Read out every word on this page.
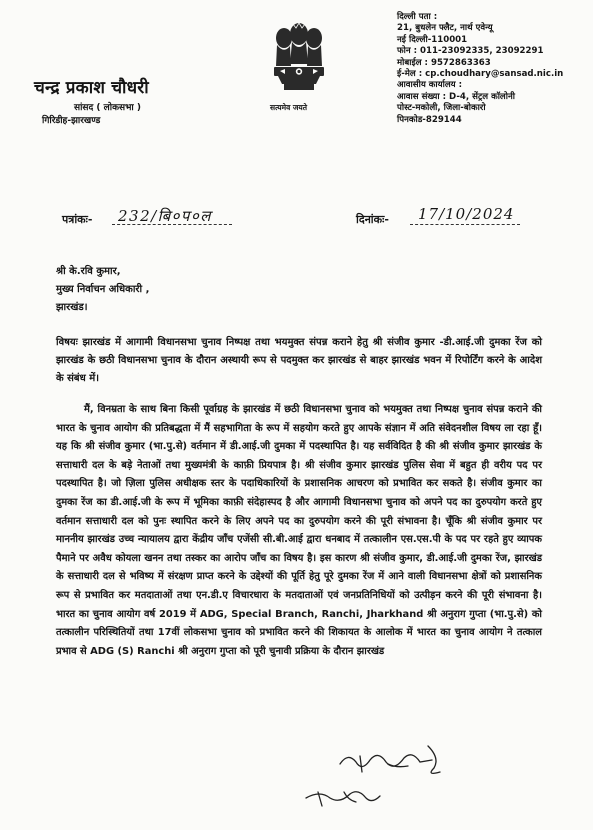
चन्द्र प्रकाश चौधरी
सांसद ( लोकसभा )
गिरिडीह-झारखण्ड
सत्यमेव जयते
दिल्ली पता :
21, बुधलेन फ्लैट, नार्थ एवेन्यू
नई दिल्ली-110001
फोन : 011-23092335, 23092291
मोबाईल : 9572863363
ई-मेल : cp.choudhary@sansad.nic.in
आवासीय कार्यालय :
आवास संख्या : D-4, सेंट्रल कॉलोनी
पोस्ट-मकोली, जिला-बोकारो
पिनकोड-829144
पत्रांकः- 232/बि०प०ल	दिनांकः- 17/10/2024
श्री के.रवि कुमार,
मुख्य निर्वाचन अधिकारी ,
झारखंड।
विषयः झारखंड में आगामी विधानसभा चुनाव निष्पक्ष तथा भयमुक्त संपन्न कराने हेतु श्री संजीव कुमार -डी.आई.जी दुमका रेंज को झारखंड के छठी विधानसभा चुनाव के दौरान अस्थायी रूप से पदमुक्त कर झारखंड से बाहर झारखंड भवन में रिपोर्टिंग करने के आदेश के संबंध में।

मैं, विनम्रता के साथ बिना किसी पूर्वाग्रह के झारखंड में छठी विधानसभा चुनाव को भयमुक्त तथा निष्पक्ष चुनाव संपन्न कराने की भारत के चुनाव आयोग की प्रतिबद्धता में मैं सहभागिता के रूप में सहयोग करते हुए आपके संज्ञान में अति संवेदनशील विषय ला रहा हूँ। यह कि श्री संजीव कुमार (भा.पु.से) वर्तमान में डी.आई.जी दुमका में पदस्थापित है। यह सर्वविदित है की श्री संजीव कुमार झारखंड के सत्ताधारी दल के बड़े नेताओं तथा मुख्यमंत्री के काफ़ी प्रियपात्र है। श्री संजीव कुमार झारखंड पुलिस सेवा में बहुत ही वरीय पद पर पदस्थापित है। जो ज़िला पुलिस अधीक्षक स्तर के पदाधिकारियों के प्रशासनिक आचरण को प्रभावित कर सकते है। संजीव कुमार का दुमका रेंज का डी.आई.जी के रूप में भूमिका काफ़ी संदेहास्पद है और आगामी विधानसभा चुनाव को अपने पद का दुरुपयोग करते हुए वर्तमान सत्ताधारी दल को पुनः स्थापित करने के लिए अपने पद का दुरुपयोग करने की पूरी संभावना है। चूँकि श्री संजीव कुमार पर माननीय झारखंड उच्च न्यायालय द्वारा केंद्रीय जाँच एजेंसी सी.बी.आई द्वारा धनबाद में तत्कालीन एस.एस.पी के पद पर रहते हुए व्यापक पैमाने पर अवैध कोयला खनन तथा तस्कर का आरोप जाँच का विषय है। इस कारण श्री संजीव कुमार, डी.आई.जी दुमका रेंज, झारखंड के सत्ताधारी दल से भविष्य में संरक्षण प्राप्त करने के उद्देश्यों की पूर्ति हेतु पूरे दुमका रेंज में आने वाली विधानसभा क्षेत्रों को प्रशासनिक रूप से प्रभावित कर मतदाताओं तथा एन.डी.ए विचारधारा के मतदाताओं एवं जनप्रतिनिधियों को उत्पीड़न करने की पूरी संभावना है। भारत का चुनाव आयोग वर्ष 2019 में ADG, Special Branch, Ranchi, Jharkhand श्री अनुराग गुप्ता (भा.पु.से) को तत्कालीन परिस्थितियों तथा 17वीं लोकसभा चुनाव को प्रभावित करने की शिकायत के आलोक में भारत का चुनाव आयोग ने तत्काल प्रभाव से ADG (S) Ranchi श्री अनुराग गुप्ता को पूरी चुनावी प्रक्रिया के दौरान झारखंड
